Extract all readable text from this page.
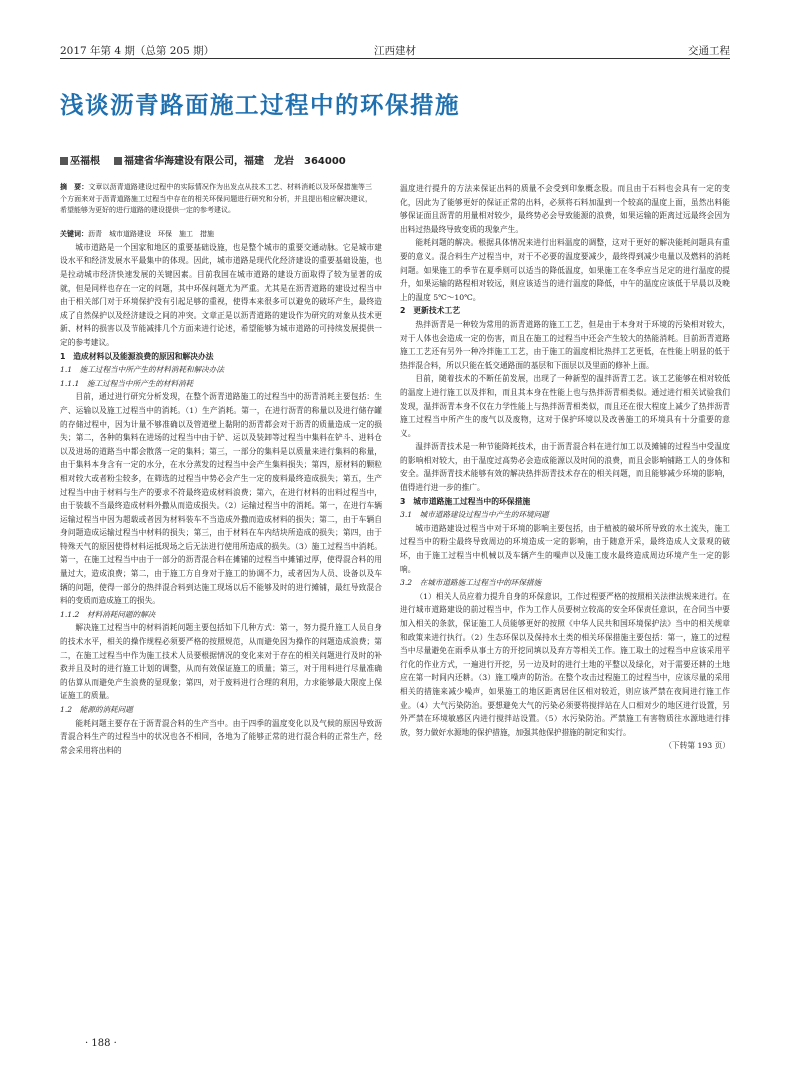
2017 年第 4 期（总第 205 期）	江西建材	交通工程
浅谈沥青路面施工过程中的环保措施
巫福根 福建省华海建设有限公司，福建　龙岩　364000

摘　要：文章以沥青道路建设过程中的实际情况作为出发点从技术工艺、材料消耗以及环保措施等三个方面来对于沥青道路施工过程当中存在的相关环保问题进行研究和分析，并且提出相应解决建议，希望能够为更好的进行道路的建设提供一定的参考建议。

关键词：沥青　城市道路建设　环保　施工　措施

城市道路是一个国家和地区的重要基础设施，也是整个城市的重要交通动脉。它是城市建设水平和经济发展水平最集中的体现。因此，城市道路是现代化经济建设的重要基础设施，也是拉动城市经济快速发展的关键因素。目前我国在城市道路的建设方面取得了较为显著的成就，但是同样也存在一定的问题，其中环保问题尤为严重。尤其是在沥青道路的建设过程当中由于相关部门对于环境保护没有引起足够的重视，使得本来很多可以避免的破坏产生，最终造成了自然保护以及经济建设之间的冲突。文章正是以沥青道路的建设作为研究的对象从技术更新、材料的损害以及节能减排几个方面来进行论述，希望能够为城市道路的可持续发展提供一定的参考建议。

1　造成材料以及能源浪费的原因和解决办法
1.1　施工过程当中所产生的材料消耗和解决办法
1.1.1　施工过程当中所产生的材料消耗

目前，通过进行研究分析发现，在整个沥青道路施工的过程当中的沥青消耗主要包括：生产、运输以及施工过程当中的消耗。（1）生产消耗。第一，在进行沥青的称量以及进行储存罐的存储过程中，因为计量不够准确以及管道壁上黏附的沥青都会对于沥青的质量造成一定的损失；第二，各种的集料在进场的过程当中由于铲、运以及装卸等过程当中集料在铲斗、进料仓以及进场的道路当中都会散落一定的集料；第三，一部分的集料是以质量来进行集料的称量，由于集料本身含有一定的水分，在水分蒸发的过程当中会产生集料损失；第四，原材料的颗粒相对较大或者粉尘较多，在筛选的过程当中势必会产生一定的废料最终造成损失；第五，生产过程当中由于材料与生产的要求不符最终造成材料浪费；第六，在进行材料的出料过程当中，由于装载不当最终造成材料外撒从而造成损失。（2）运输过程当中的消耗。第一，在进行车辆运输过程当中因为超载或者因为材料装车不当造成外撒而造成材料的损失；第二，由于车辆自身问题造成运输过程当中材料的损失；第三，由于材料在车内结块所造成的损失；第四，由于特殊天气的原因使得材料运抵现场之后无法进行使用所造成的损失。（3）施工过程当中消耗。第一，在施工过程当中由于一部分的沥青混合料在摊铺的过程当中摊铺过厚，使得混合料的用量过大，造成浪费；第二，由于施工方自身对于施工的协调不力，或者因为人员、设备以及车辆的问题，使得一部分的热拌混合料到达施工现场以后不能够及时的进行摊铺，最红导致混合料的变质而造成施工的损失。

1.1.2　材料消耗问题的解决

解决施工过程当中的材料消耗问题主要包括如下几种方式：第一，努力提升施工人员自身的技术水平，相关的操作规程必须要严格的按照规范，从而避免因为操作的问题造成浪费；第二，在施工过程当中作为施工技术人员要根据情况的变化来对于存在的相关问题进行及时的补救并且及时的进行施工计划的调整，从而有效保证施工的质量；第三，对于用料进行尽量准确的估算从而避免产生浪费的显现象；第四，对于废料进行合理的利用，力求能够最大限度上保证施工的质量。

1.2　能源的消耗问题

能耗问题主要存在于沥青混合料的生产当中。由于四季的温度变化以及气候的原因导致沥青混合料生产的过程当中的状况也各不相同，各地为了能够正常的进行混合料的正常生产，经常会采用将出料的

温度进行提升的方法来保证出料的质量不会受到印象概念股。而且由于石料也会具有一定的变化，因此为了能够更好的保证正常的出料，必须将石料加温到一个较高的温度上面，虽然出料能够保证面且沥青的用量相对较少，最终势必会导致能源的浪费，如果运输的距离过远最终会因为出料过热最终导致变质的现象产生。

能耗问题的解决。根据具体情况来进行出料温度的调整，这对于更好的解决能耗问题具有重要的意义。混合料生产过程当中，对于不必要的温度要减少，最终得到减少电量以及燃料的消耗问题。如果施工的季节在夏季则可以适当的降低温度，如果施工在冬季应当足定的进行温度的提升，如果运输的路程相对较远，则应该适当的进行温度的降低，中午的温度应该低于早晨以及晚上的温度 5℃～10℃。

2　更新技术工艺

热拌沥青是一种较为常用的沥青道路的施工工艺，但是由于本身对于环境的污染相对较大，对于人体也会造成一定的伤害，而且在施工的过程当中还会产生较大的热能消耗。目前沥青道路施工工艺还有另外一种冷拌施工工艺，由于施工的温度相比热拌工艺更低，在性能上明显的低于热拌混合料，所以只能在低交通路面的基层和下面层以及里面的修补上面。

目前，随着技术的不断任前发展，出现了一种新型的温拌沥青工艺。该工艺能够在相对较低的温度上进行施工以及拌和，而且其本身在性能上也与热拌沥青相类似。通过进行相关试验我们发现，温拌沥青本身不仅在力学性能上与热拌沥青相类似，而且还在很大程度上减少了热拌沥青施工过程当中所产生的废气以及废物，这对于保护环境以及改善施工的环境具有十分重要的意义。

温拌沥青技术是一种节能降耗技术，由于沥青混合料在进行加工以及摊铺的过程当中受温度的影响相对较大，由于温度过高势必会造成能源以及时间的浪费，而且会影响铺路工人的身体和安全。温拌沥青技术能够有效的解决热拌沥青技术存在的相关问题，而且能够减少环境的影响，值得进行进一步的推广。

3　城市道路施工过程当中的环保措施
3.1　城市道路建设过程当中产生的环境问题

城市道路建设过程当中对于环境的影响主要包括，由于植被的破坏所导致的水土流失，施工过程当中的粉尘最终导致周边的环境造成一定的影响，由于随意开采，最终造成人文景观的破坏，由于施工过程当中机械以及车辆产生的噪声以及施工废水最终造成周边环境产生一定的影响。

3.2　在城市道路施工过程当中的环保措施

（1）相关人员应着力提升自身的环保意识，工作过程要严格的按照相关法律法规来进行。在进行城市道路建设的前过程当中，作为工作人员要树立较高的安全环保责任意识，在合同当中要加入相关的条款，保证施工人员能够更好的按照《中华人民共和国环境保护法》当中的相关规章和政策来进行执行。（2）生态环保以及保持水土类的相关环保措施主要包括：第一，施工的过程当中尽量避免在雨季从事土方的开挖同填以及弃方等相关工作。施工取土的过程当中应该采用平行化的作业方式，一遍进行开挖，另一边及时的进行土地的平整以及绿化，对于需要还耕的土地应在第一时间内还耕。（3）施工噪声的防治。在整个攻击过程施工的过程当中，应该尽量的采用相关的措施来减少噪声，如果施工的地区距离居住区相对较近，则应该严禁在夜间进行施工作业。（4）大气污染防治。要想避免大气的污染必须要将搅拌站在人口相对少的地区进行设置，另外严禁在环境敏感区内进行搅拌站设置。（5）水污染防治。严禁施工有害物质往水源地进行排放，努力做好水源地的保护措施，加强其他保护措施的制定和实行。

（下转第 193 页）
· 188 ·
